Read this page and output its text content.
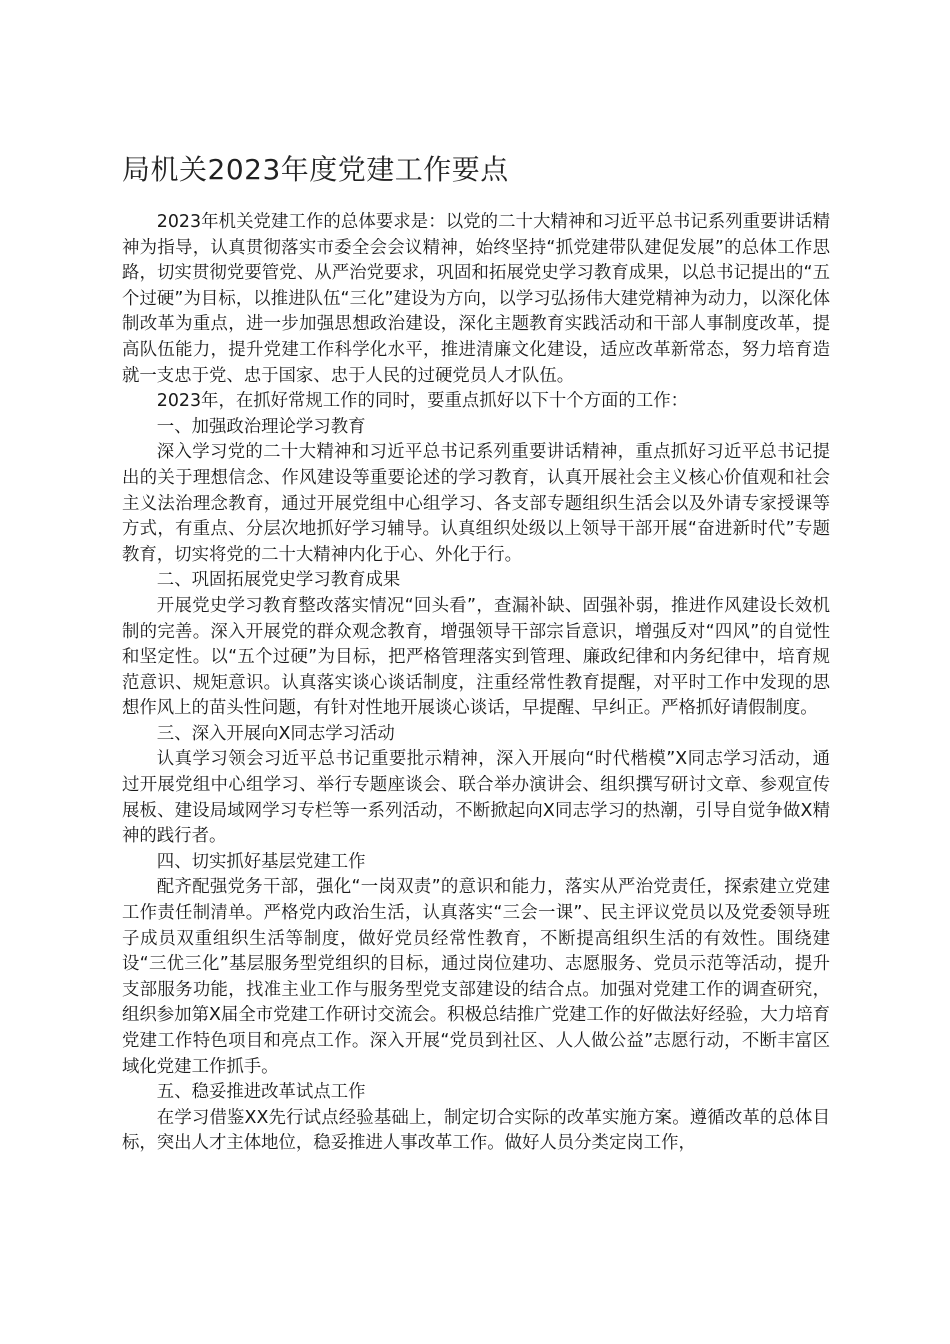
局机关2023年度党建工作要点

2023年机关党建工作的总体要求是：以党的二十大精神和习近平总书记系列重要讲话精神为指导，认真贯彻落实市委全会会议精神，始终坚持“抓党建带队建促发展”的总体工作思路，切实贯彻党要管党、从严治党要求，巩固和拓展党史学习教育成果，以总书记提出的“五个过硬”为目标，以推进队伍“三化”建设为方向，以学习弘扬伟大建党精神为动力，以深化体制改革为重点，进一步加强思想政治建设，深化主题教育实践活动和干部人事制度改革，提高队伍能力，提升党建工作科学化水平，推进清廉文化建设，适应改革新常态，努力培育造就一支忠于党、忠于国家、忠于人民的过硬党员人才队伍。

2023年，在抓好常规工作的同时，要重点抓好以下十个方面的工作：

一、加强政治理论学习教育

深入学习党的二十大精神和习近平总书记系列重要讲话精神，重点抓好习近平总书记提出的关于理想信念、作风建设等重要论述的学习教育，认真开展社会主义核心价值观和社会主义法治理念教育，通过开展党组中心组学习、各支部专题组织生活会以及外请专家授课等方式，有重点、分层次地抓好学习辅导。认真组织处级以上领导干部开展“奋进新时代”专题教育，切实将党的二十大精神内化于心、外化于行。

二、巩固拓展党史学习教育成果

开展党史学习教育整改落实情况“回头看”，查漏补缺、固强补弱，推进作风建设长效机制的完善。深入开展党的群众观念教育，增强领导干部宗旨意识，增强反对“四风”的自觉性和坚定性。以“五个过硬”为目标，把严格管理落实到管理、廉政纪律和内务纪律中，培育规范意识、规矩意识。认真落实谈心谈话制度，注重经常性教育提醒，对平时工作中发现的思想作风上的苗头性问题，有针对性地开展谈心谈话，早提醒、早纠正。严格抓好请假制度。

三、深入开展向X同志学习活动

认真学习领会习近平总书记重要批示精神，深入开展向“时代楷模”X同志学习活动，通过开展党组中心组学习、举行专题座谈会、联合举办演讲会、组织撰写研讨文章、参观宣传展板、建设局域网学习专栏等一系列活动，不断掀起向X同志学习的热潮，引导自觉争做X精神的践行者。

四、切实抓好基层党建工作

配齐配强党务干部，强化“一岗双责”的意识和能力，落实从严治党责任，探索建立党建工作责任制清单。严格党内政治生活，认真落实“三会一课”、民主评议党员以及党委领导班子成员双重组织生活等制度，做好党员经常性教育，不断提高组织生活的有效性。围绕建设“三优三化”基层服务型党组织的目标，通过岗位建功、志愿服务、党员示范等活动，提升支部服务功能，找准主业工作与服务型党支部建设的结合点。加强对党建工作的调查研究，组织参加第X届全市党建工作研讨交流会。积极总结推广党建工作的好做法好经验，大力培育党建工作特色项目和亮点工作。深入开展“党员到社区、人人做公益”志愿行动，不断丰富区域化党建工作抓手。

五、稳妥推进改革试点工作

在学习借鉴XX先行试点经验基础上，制定切合实际的改革实施方案。遵循改革的总体目标，突出人才主体地位，稳妥推进人事改革工作。做好人员分类定岗工作，
